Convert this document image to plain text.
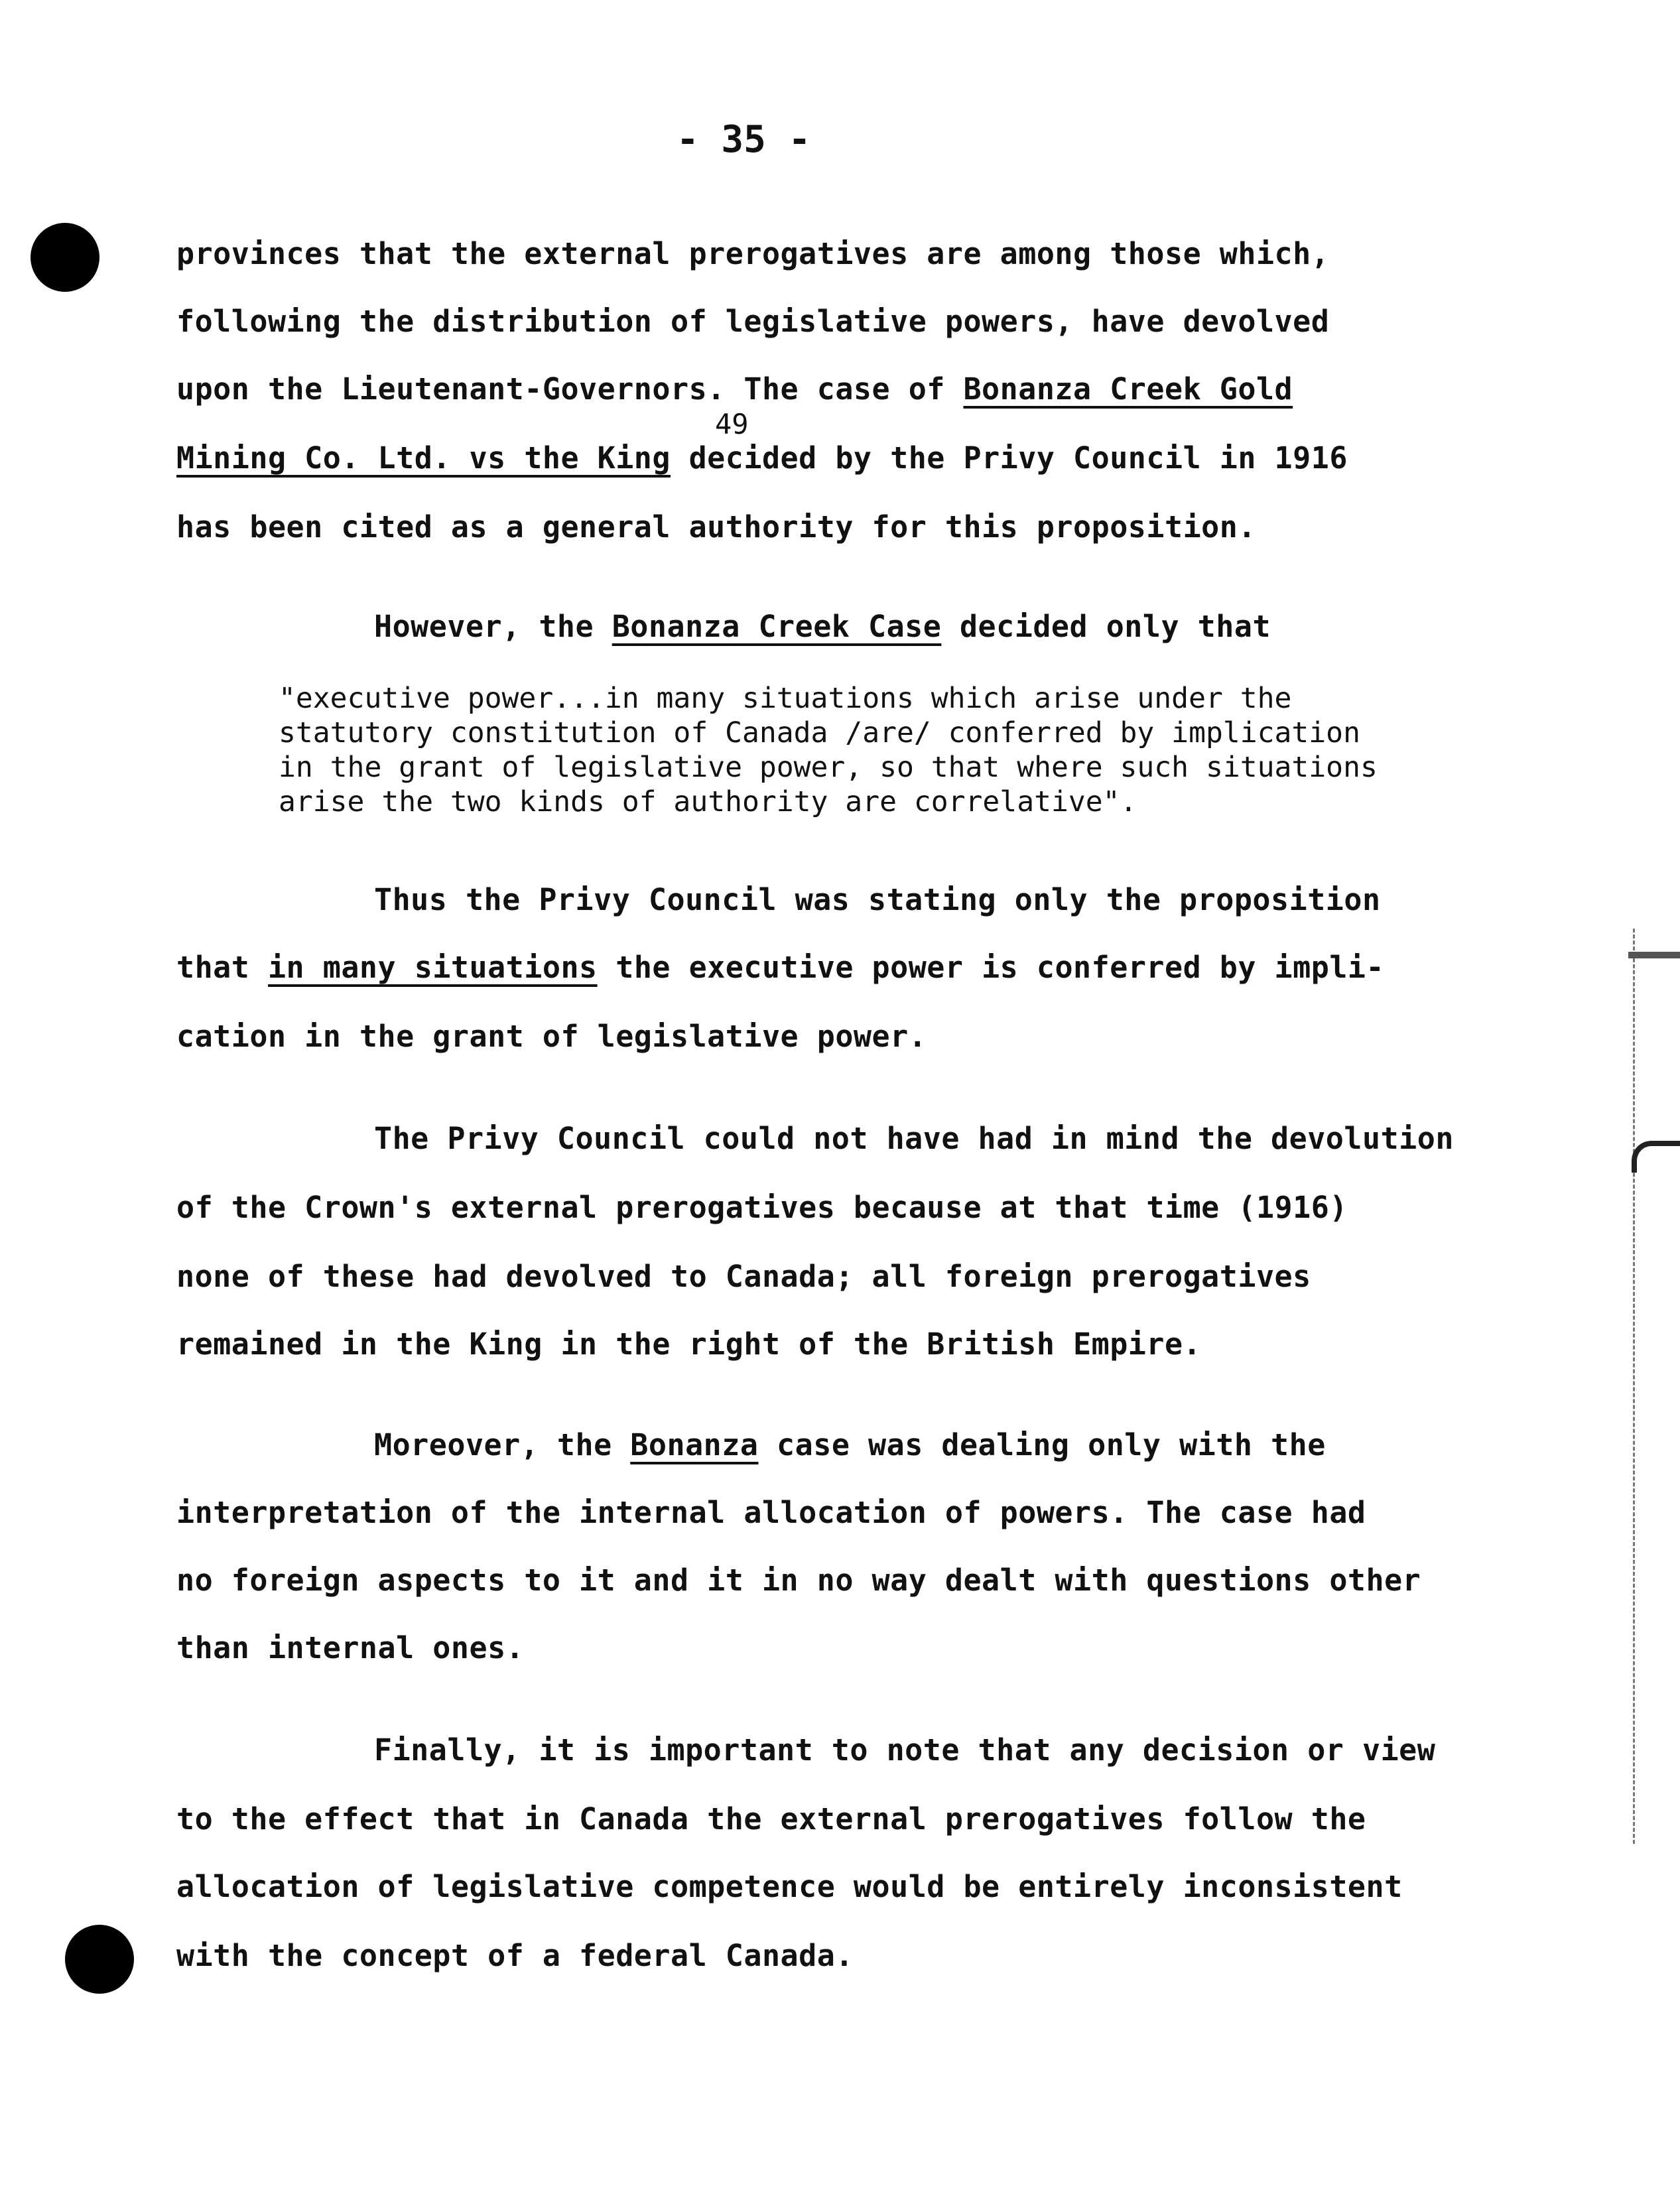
- 35 -
provinces that the external prerogatives are among those which,
following the distribution of legislative powers, have devolved
upon the Lieutenant-Governors. The case of Bonanza Creek Gold
Mining Co. Ltd. vs the King decided by the Privy Council in 1916
49
has been cited as a general authority for this proposition.
However, the Bonanza Creek Case decided only that
"executive power...in many situations which arise under the
statutory constitution of Canada /are/ conferred by implication
in the grant of legislative power, so that where such situations
arise the two kinds of authority are correlative".
Thus the Privy Council was stating only the proposition
that in many situations the executive power is conferred by impli-
cation in the grant of legislative power.
The Privy Council could not have had in mind the devolution
of the Crown's external prerogatives because at that time (1916)
none of these had devolved to Canada; all foreign prerogatives
remained in the King in the right of the British Empire.
Moreover, the Bonanza case was dealing only with the
interpretation of the internal allocation of powers. The case had
no foreign aspects to it and it in no way dealt with questions other
than internal ones.
Finally, it is important to note that any decision or view
to the effect that in Canada the external prerogatives follow the
allocation of legislative competence would be entirely inconsistent
with the concept of a federal Canada.
